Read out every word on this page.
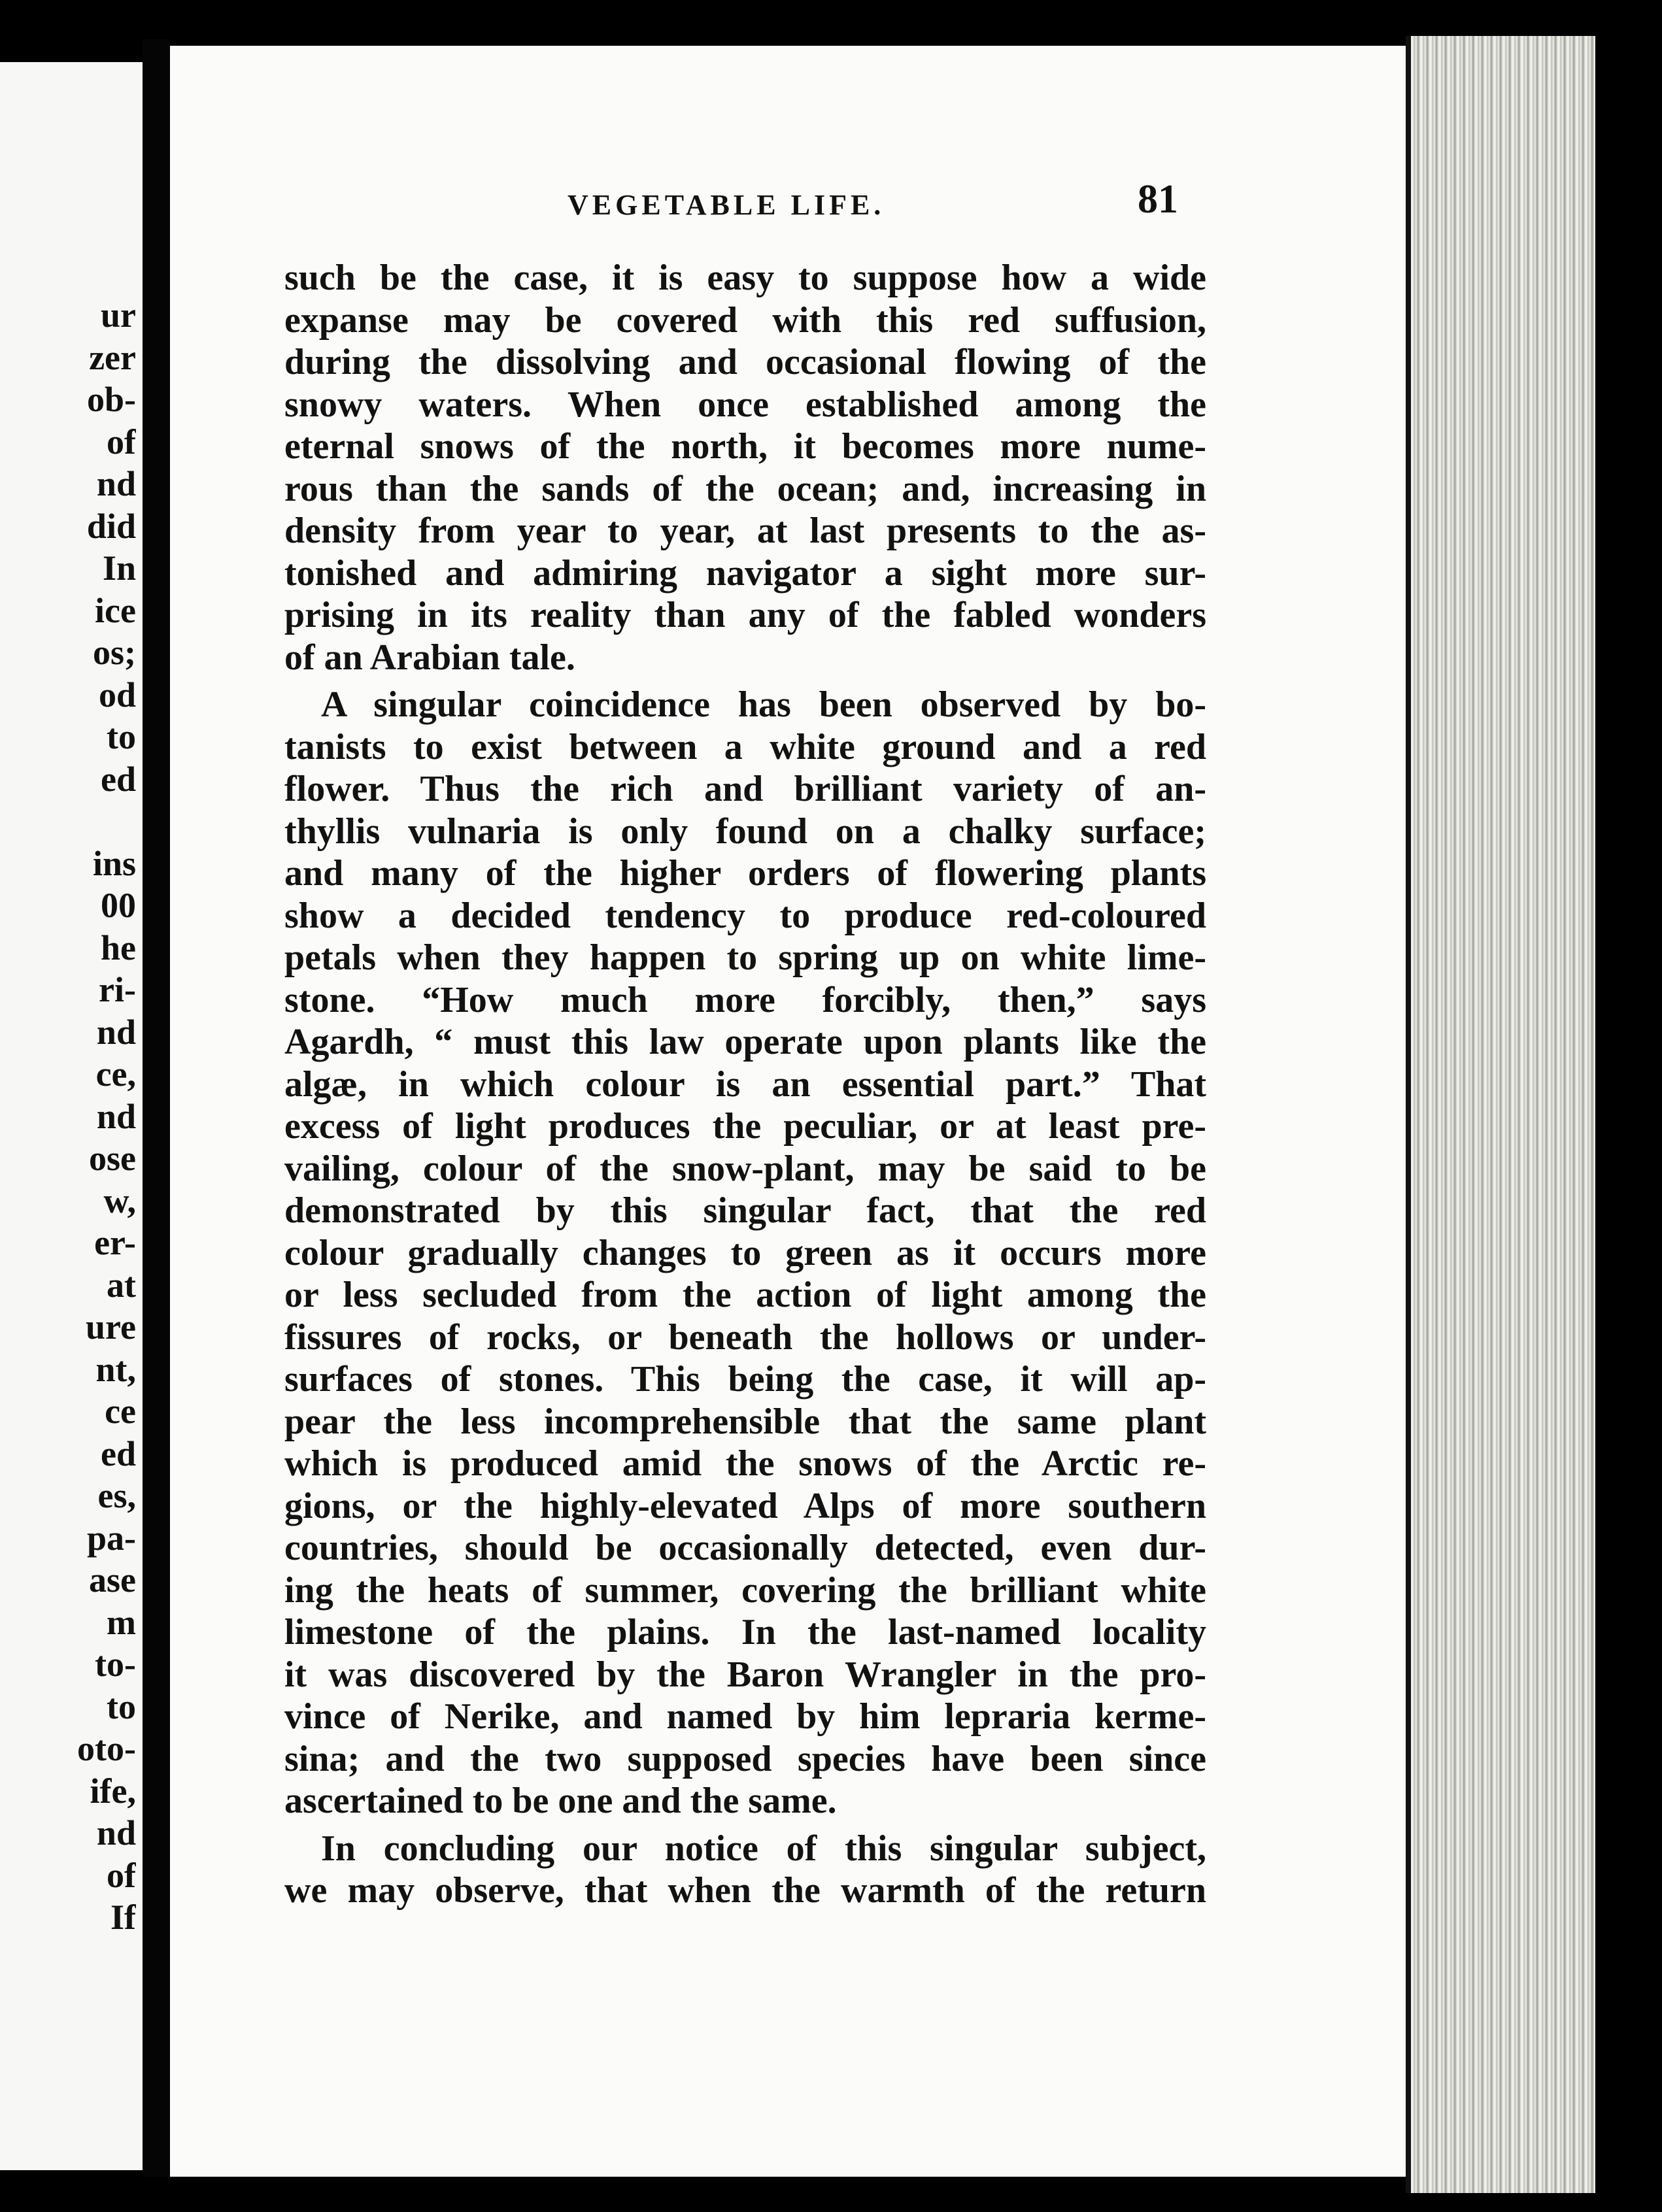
ur
zer
ob-
of
nd
did
In
ice
os;
od
to
ed
ins
00
he
ri-
nd
ce,
nd
ose
w,
er-
at
ure
nt,
ce
ed
es,
pa-
ase
m
to-
to
oto-
ife,
nd
of
If
VEGETABLE LIFE.	81
such be the case, it is easy to suppose how a wide
expanse may be covered with this red suffusion,
during the dissolving and occasional flowing of the
snowy waters. When once established among the
eternal snows of the north, it becomes more nume-
rous than the sands of the ocean; and, increasing in
density from year to year, at last presents to the as-
tonished and admiring navigator a sight more sur-
prising in its reality than any of the fabled wonders
of an Arabian tale.
A singular coincidence has been observed by bo-
tanists to exist between a white ground and a red
flower. Thus the rich and brilliant variety of an-
thyllis vulnaria is only found on a chalky surface;
and many of the higher orders of flowering plants
show a decided tendency to produce red-coloured
petals when they happen to spring up on white lime-
stone. “How much more forcibly, then,” says
Agardh, “ must this law operate upon plants like the
algæ, in which colour is an essential part.” That
excess of light produces the peculiar, or at least pre-
vailing, colour of the snow-plant, may be said to be
demonstrated by this singular fact, that the red
colour gradually changes to green as it occurs more
or less secluded from the action of light among the
fissures of rocks, or beneath the hollows or under-
surfaces of stones. This being the case, it will ap-
pear the less incomprehensible that the same plant
which is produced amid the snows of the Arctic re-
gions, or the highly-elevated Alps of more southern
countries, should be occasionally detected, even dur-
ing the heats of summer, covering the brilliant white
limestone of the plains. In the last-named locality
it was discovered by the Baron Wrangler in the pro-
vince of Nerike, and named by him lepraria kerme-
sina; and the two supposed species have been since
ascertained to be one and the same.
In concluding our notice of this singular subject,
we may observe, that when the warmth of the return
